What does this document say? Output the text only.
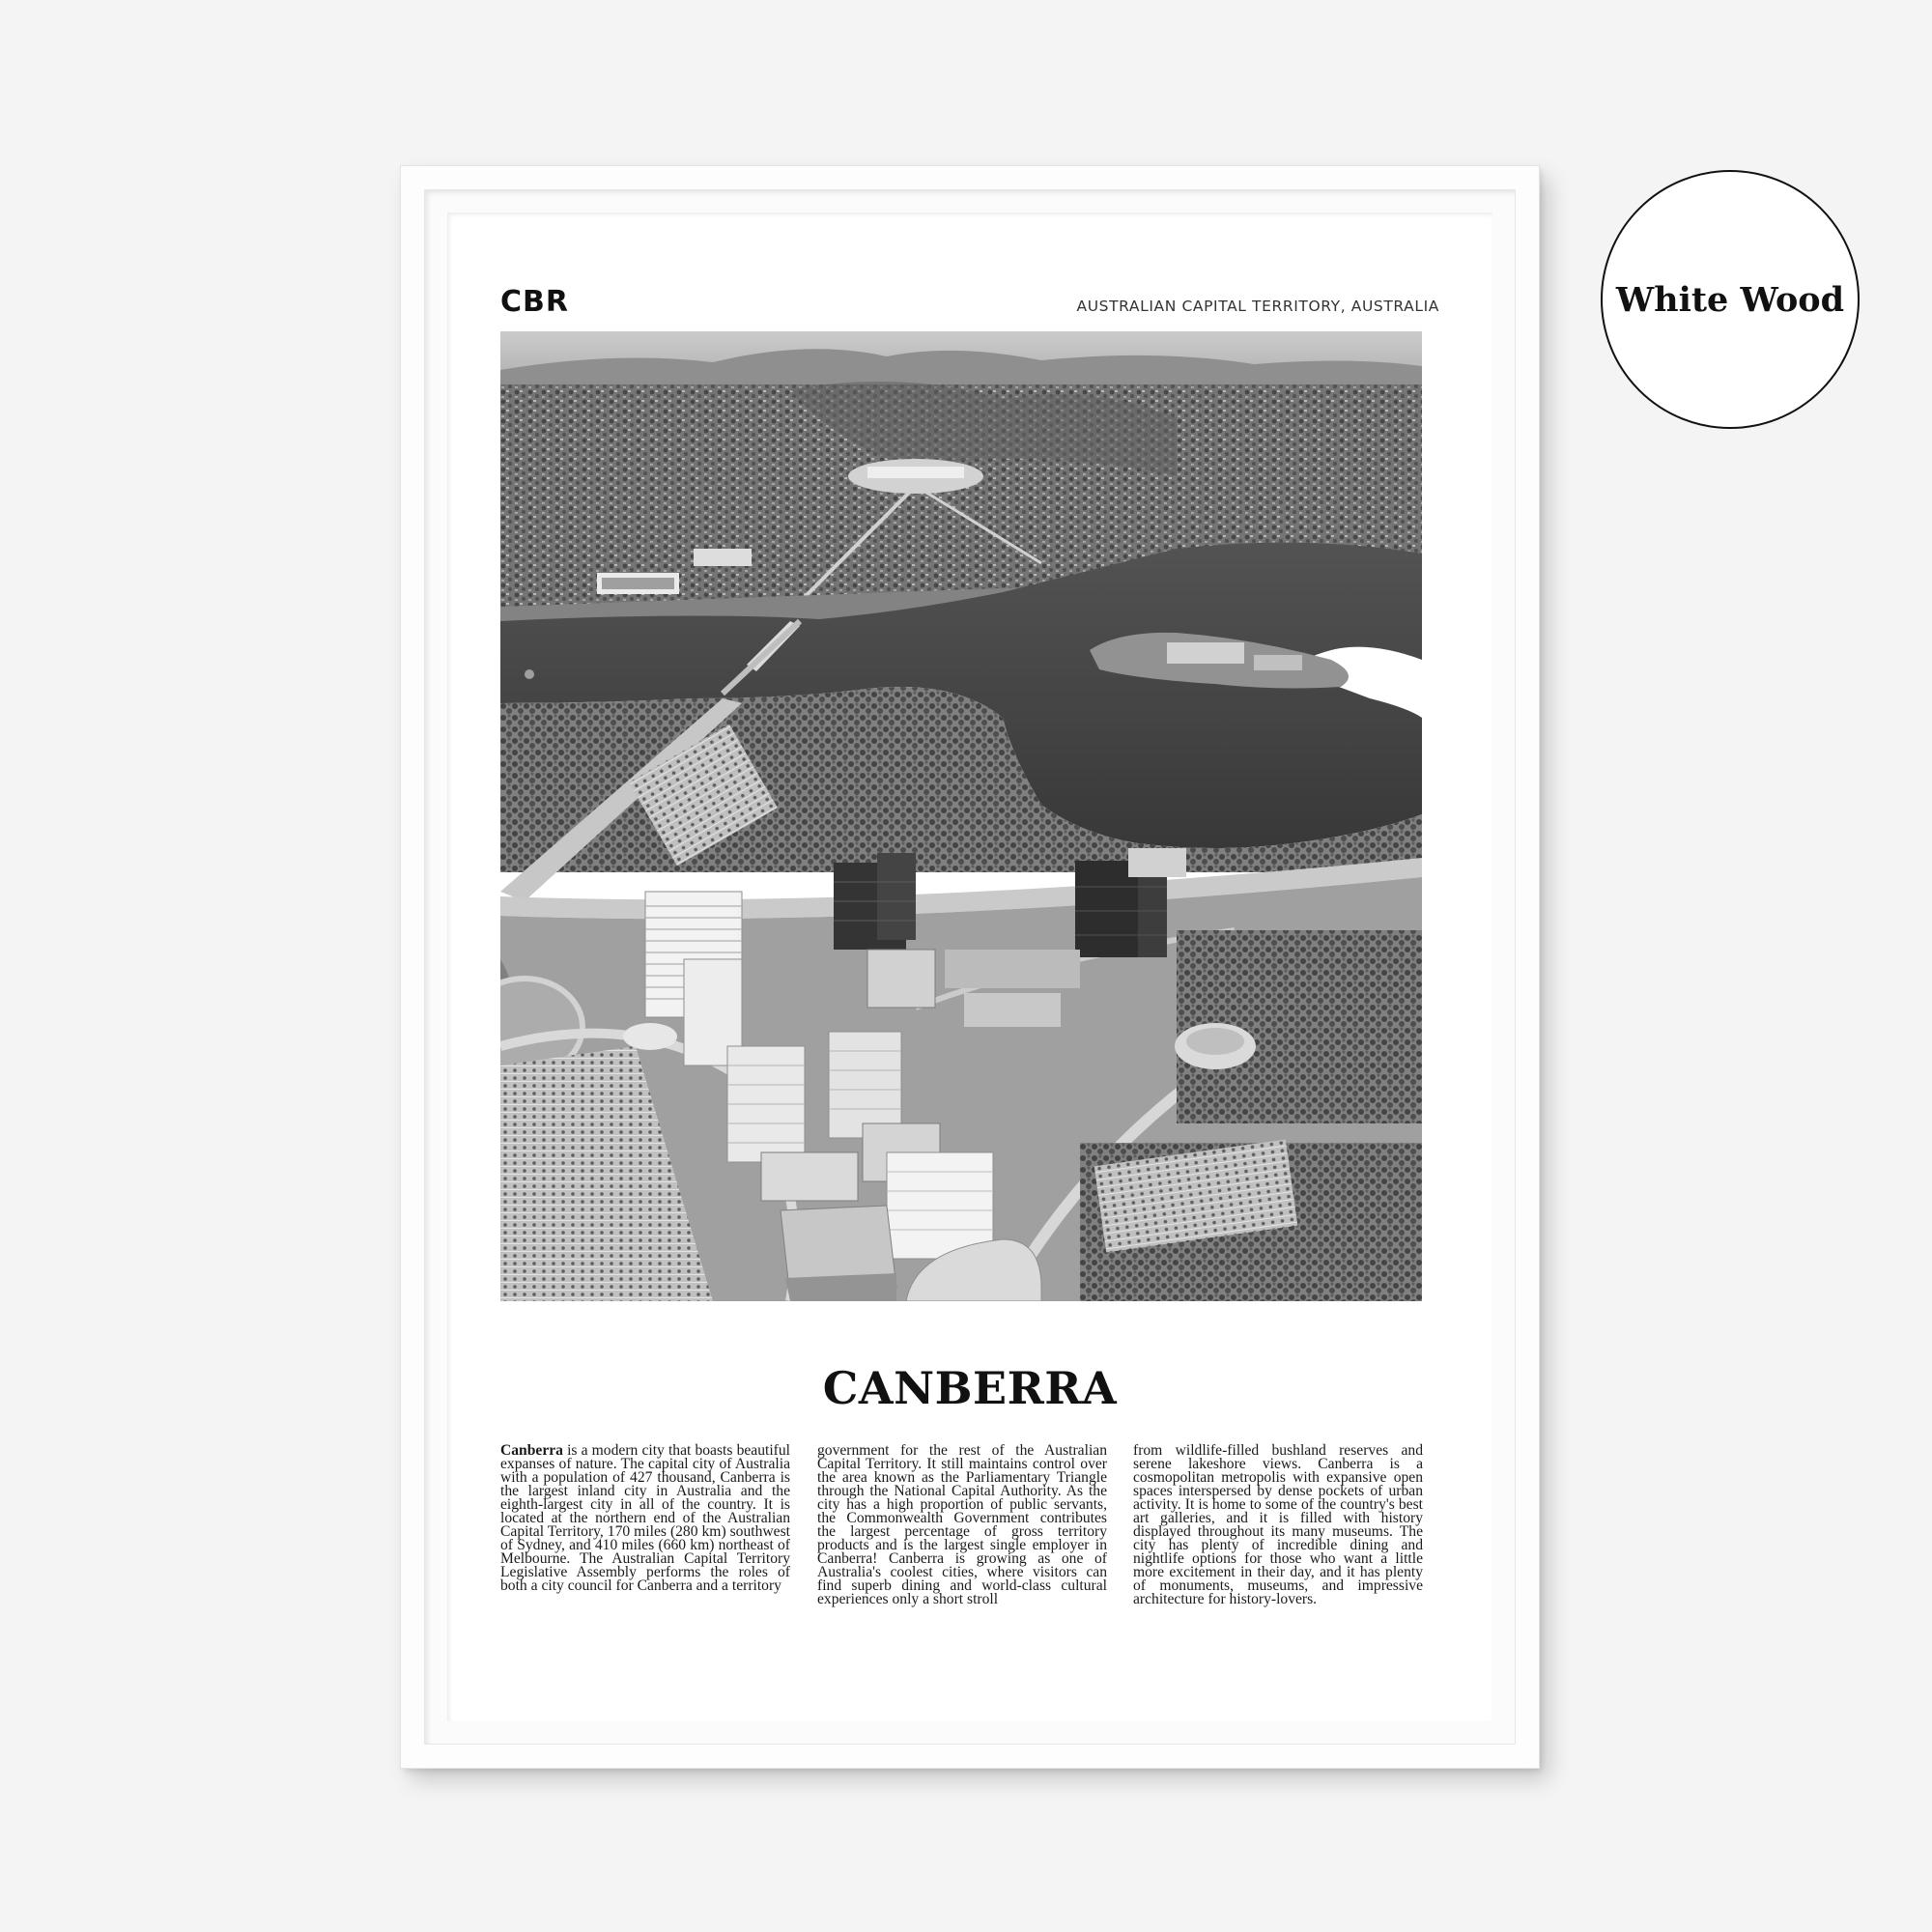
CBR	AUSTRALIAN CAPITAL TERRITORY, AUSTRALIA
CANBERRA
Canberra is a modern city that boasts beautiful expanses of nature. The capital city of Australia with a population of 427 thousand, Canberra is the largest inland city in Australia and the eighth-largest city in all of the country. It is located at the northern end of the Australian Capital Territory, 170 miles (280 km) southwest of Sydney, and 410 miles (660 km) northeast of Melbourne. The Australian Capital Territory Legislative Assembly performs the roles of both a city council for Canberra and a territory
government for the rest of the Australian Capital Territory. It still maintains control over the area known as the Parliamentary Triangle through the National Capital Authority. As the city has a high proportion of public servants, the Commonwealth Government contributes the largest percentage of gross territory products and is the largest single employer in Canberra! Canberra is growing as one of Australia's coolest cities, where visitors can find superb dining and world-class cultural experiences only a short stroll
from wildlife-filled bushland reserves and serene lakeshore views. Canberra is a cosmopolitan metropolis with expansive open spaces interspersed by dense pockets of urban activity. It is home to some of the country's best art galleries, and it is filled with history displayed throughout its many museums. The city has plenty of incredible dining and nightlife options for those who want a little more excitement in their day, and it has plenty of monuments, museums, and impressive architecture for history-lovers.
White Wood
